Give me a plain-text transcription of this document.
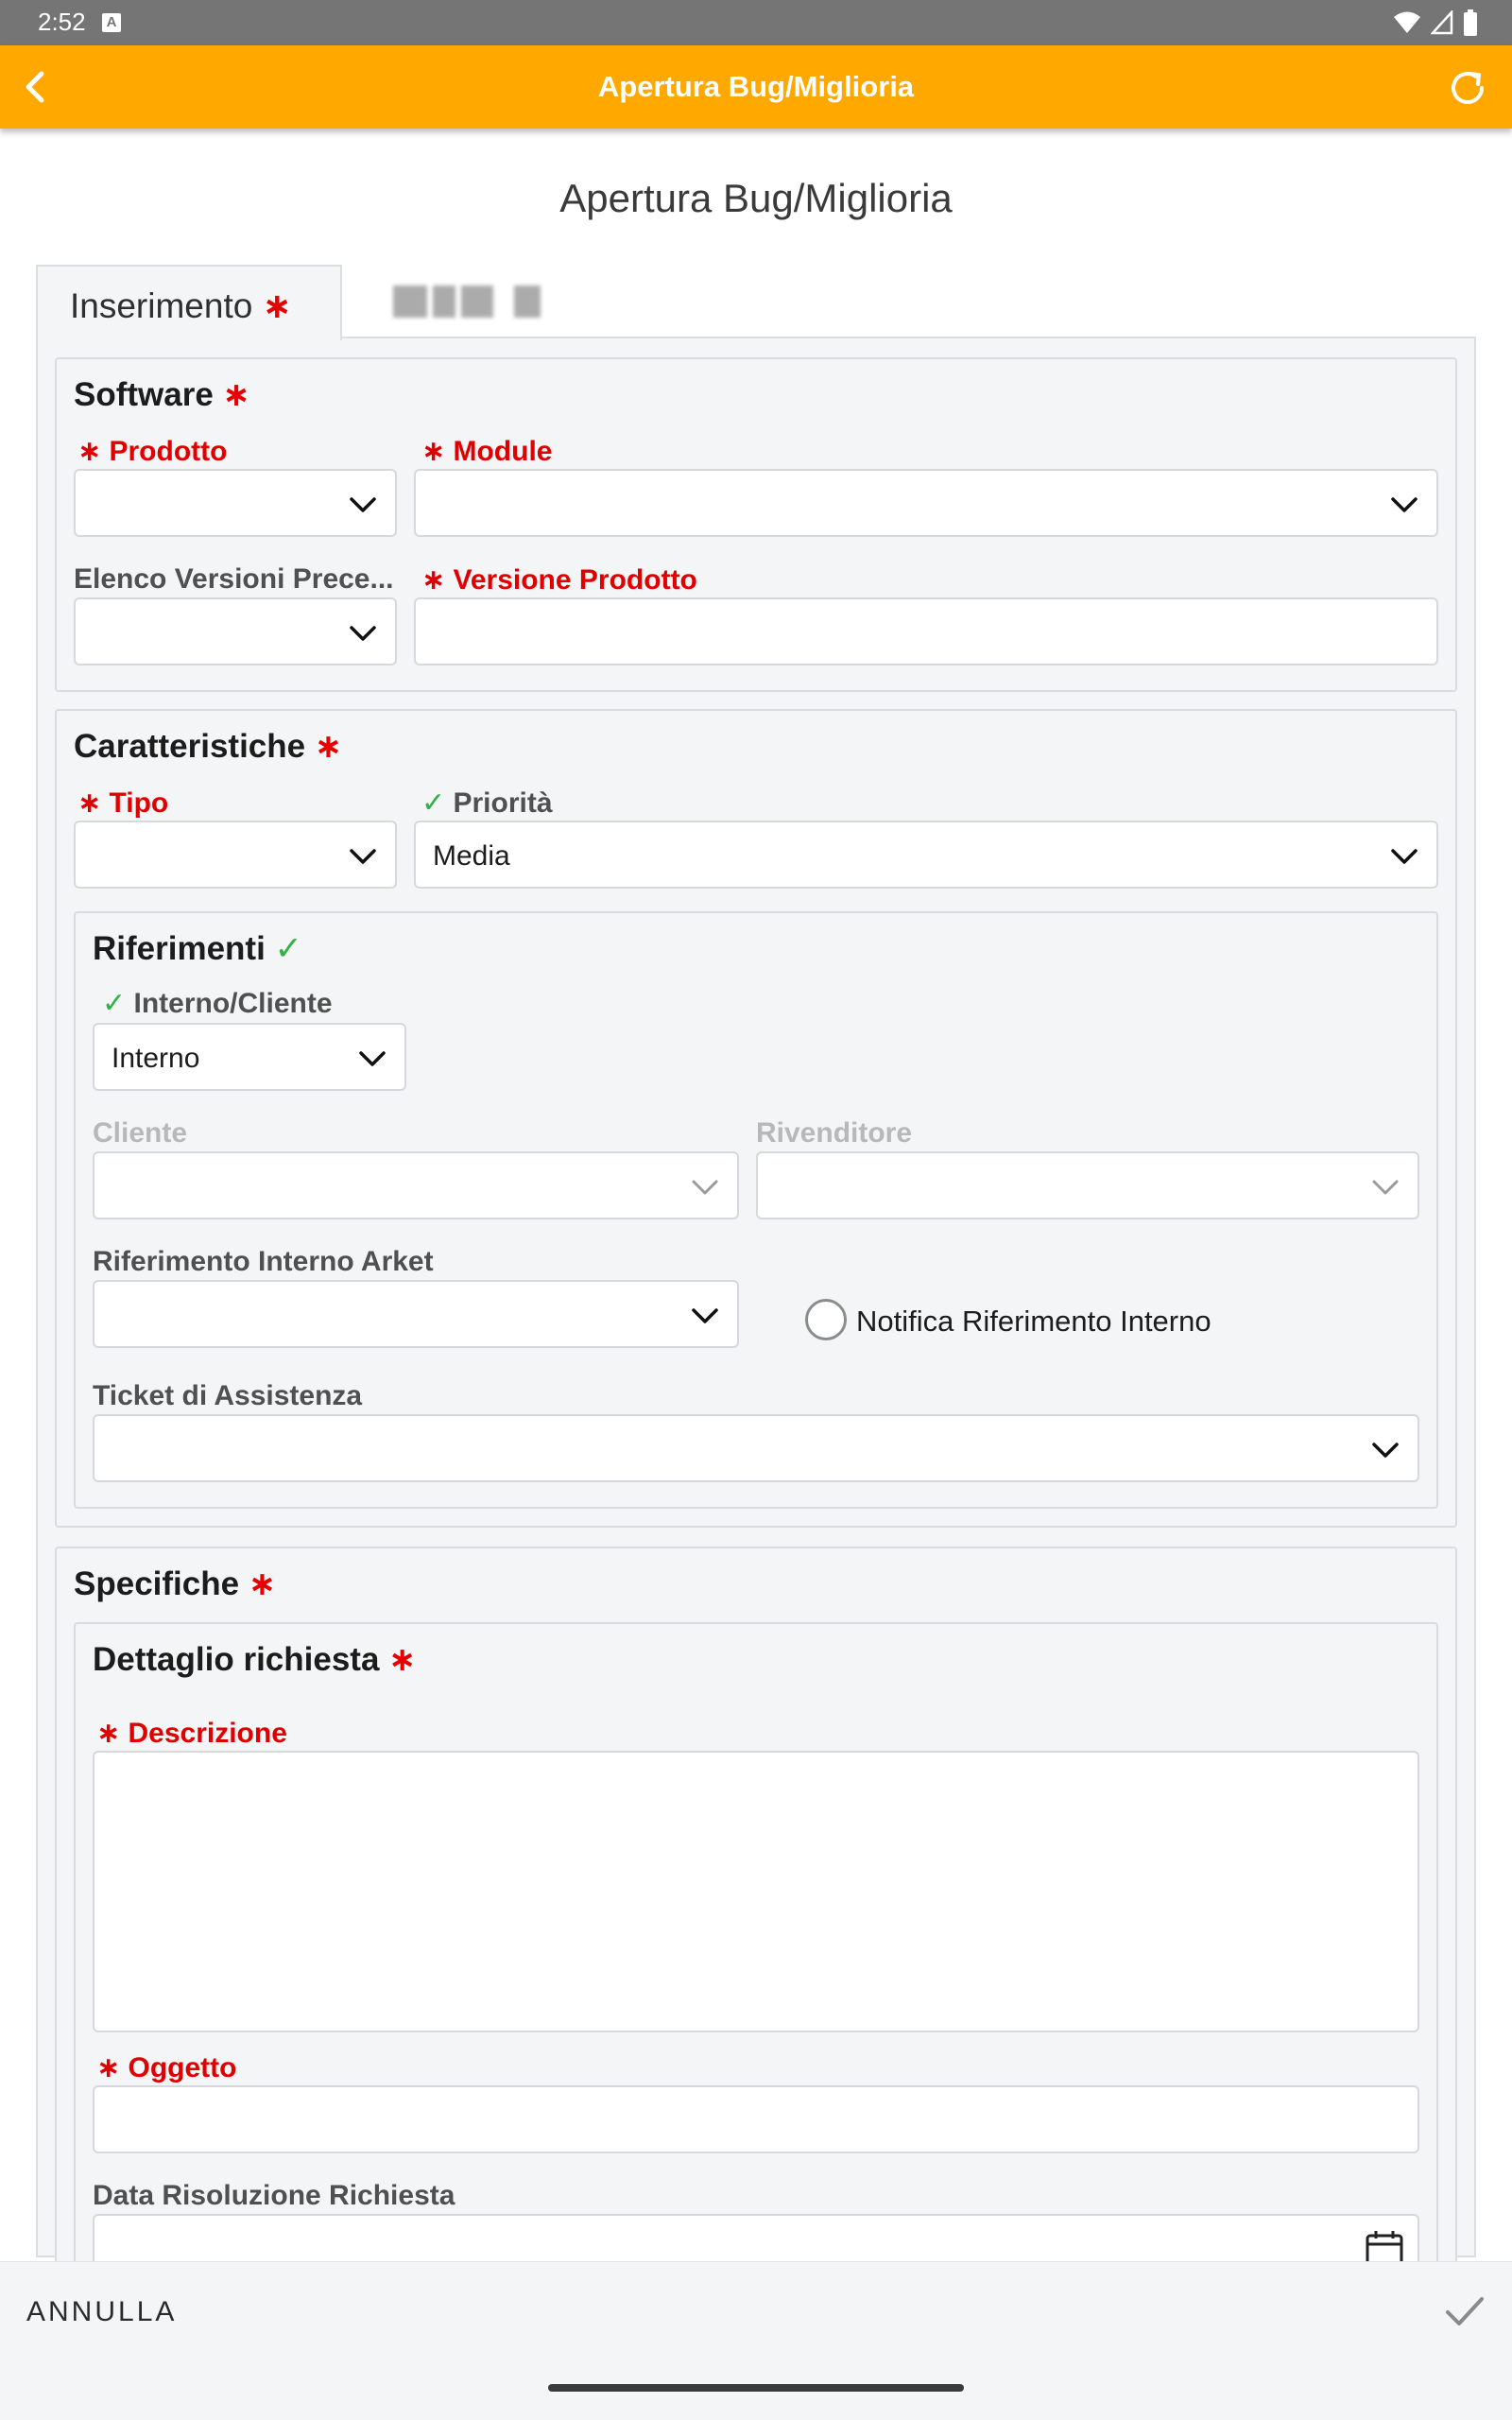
2:52	A
Apertura Bug/Miglioria
Apertura Bug/Miglioria
Inserimento ∗
Software ∗
∗ Prodotto	∗ Module
Elenco Versioni Prece... ∗ Versione Prodotto
Caratteristiche ∗
∗ Tipo	✓ Priorità
Media
Riferimenti ✓
✓ Interno/Cliente
Interno
Cliente	Rivenditore
Riferimento Interno Arket
Notifica Riferimento Interno
Ticket di Assistenza
Specifiche ∗
Dettaglio richiesta ∗
∗ Descrizione
∗ Oggetto
Data Risoluzione Richiesta
ANNULLA
